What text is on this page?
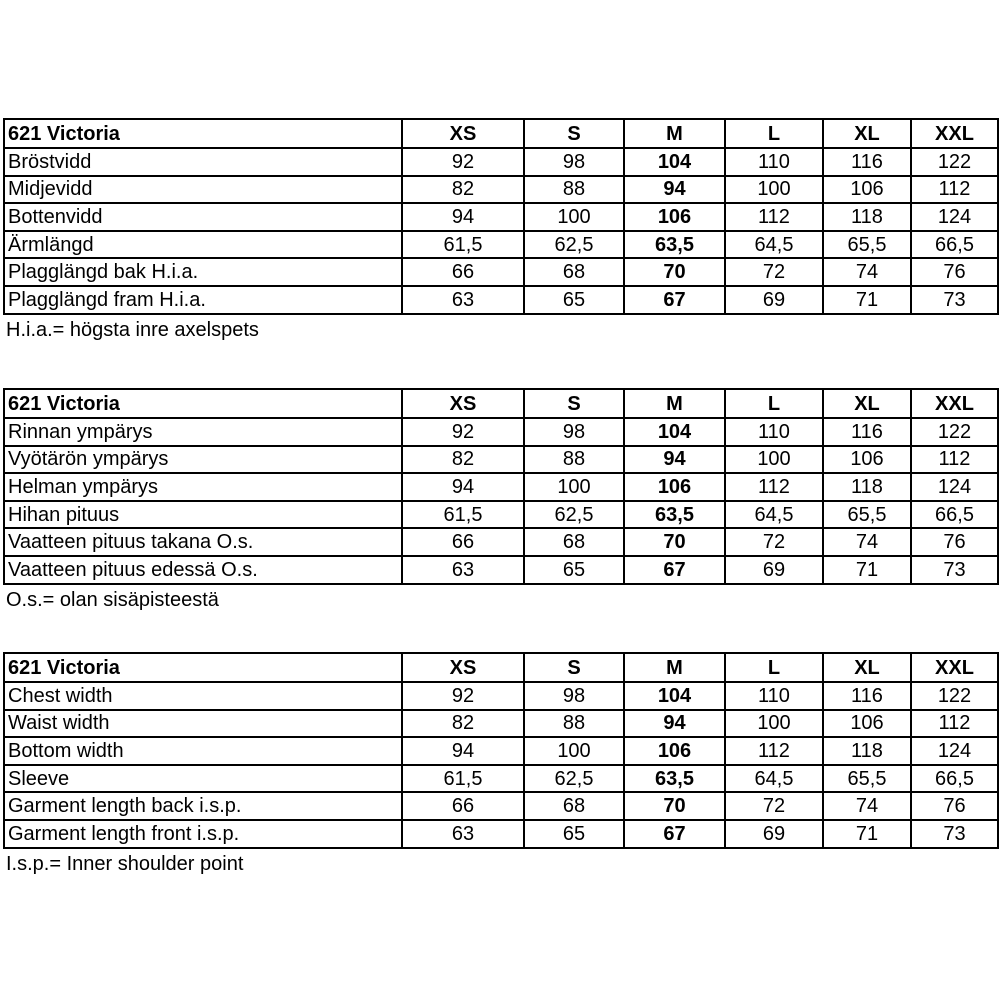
621 Victoria	XS	S	M	L	XL	XXL
Bröstvidd	92	98	104	110	116	122
Midjevidd	82	88	94	100	106	112
Bottenvidd	94	100	106	112	118	124
Ärmlängd	61,5	62,5	63,5	64,5	65,5	66,5
Plagglängd bak H.i.a.	66	68	70	72	74	76
Plagglängd fram H.i.a.	63	65	67	69	71	73
H.i.a.= högsta inre axelspets
621 Victoria	XS	S	M	L	XL	XXL
Rinnan ympärys	92	98	104	110	116	122
Vyötärön ympärys	82	88	94	100	106	112
Helman ympärys	94	100	106	112	118	124
Hihan pituus	61,5	62,5	63,5	64,5	65,5	66,5
Vaatteen pituus takana O.s.	66	68	70	72	74	76
Vaatteen pituus edessä O.s.	63	65	67	69	71	73
O.s.= olan sisäpisteestä
621 Victoria	XS	S	M	L	XL	XXL
Chest width	92	98	104	110	116	122
Waist width	82	88	94	100	106	112
Bottom width	94	100	106	112	118	124
Sleeve	61,5	62,5	63,5	64,5	65,5	66,5
Garment length back i.s.p.	66	68	70	72	74	76
Garment length front i.s.p.	63	65	67	69	71	73
I.s.p.= Inner shoulder point
